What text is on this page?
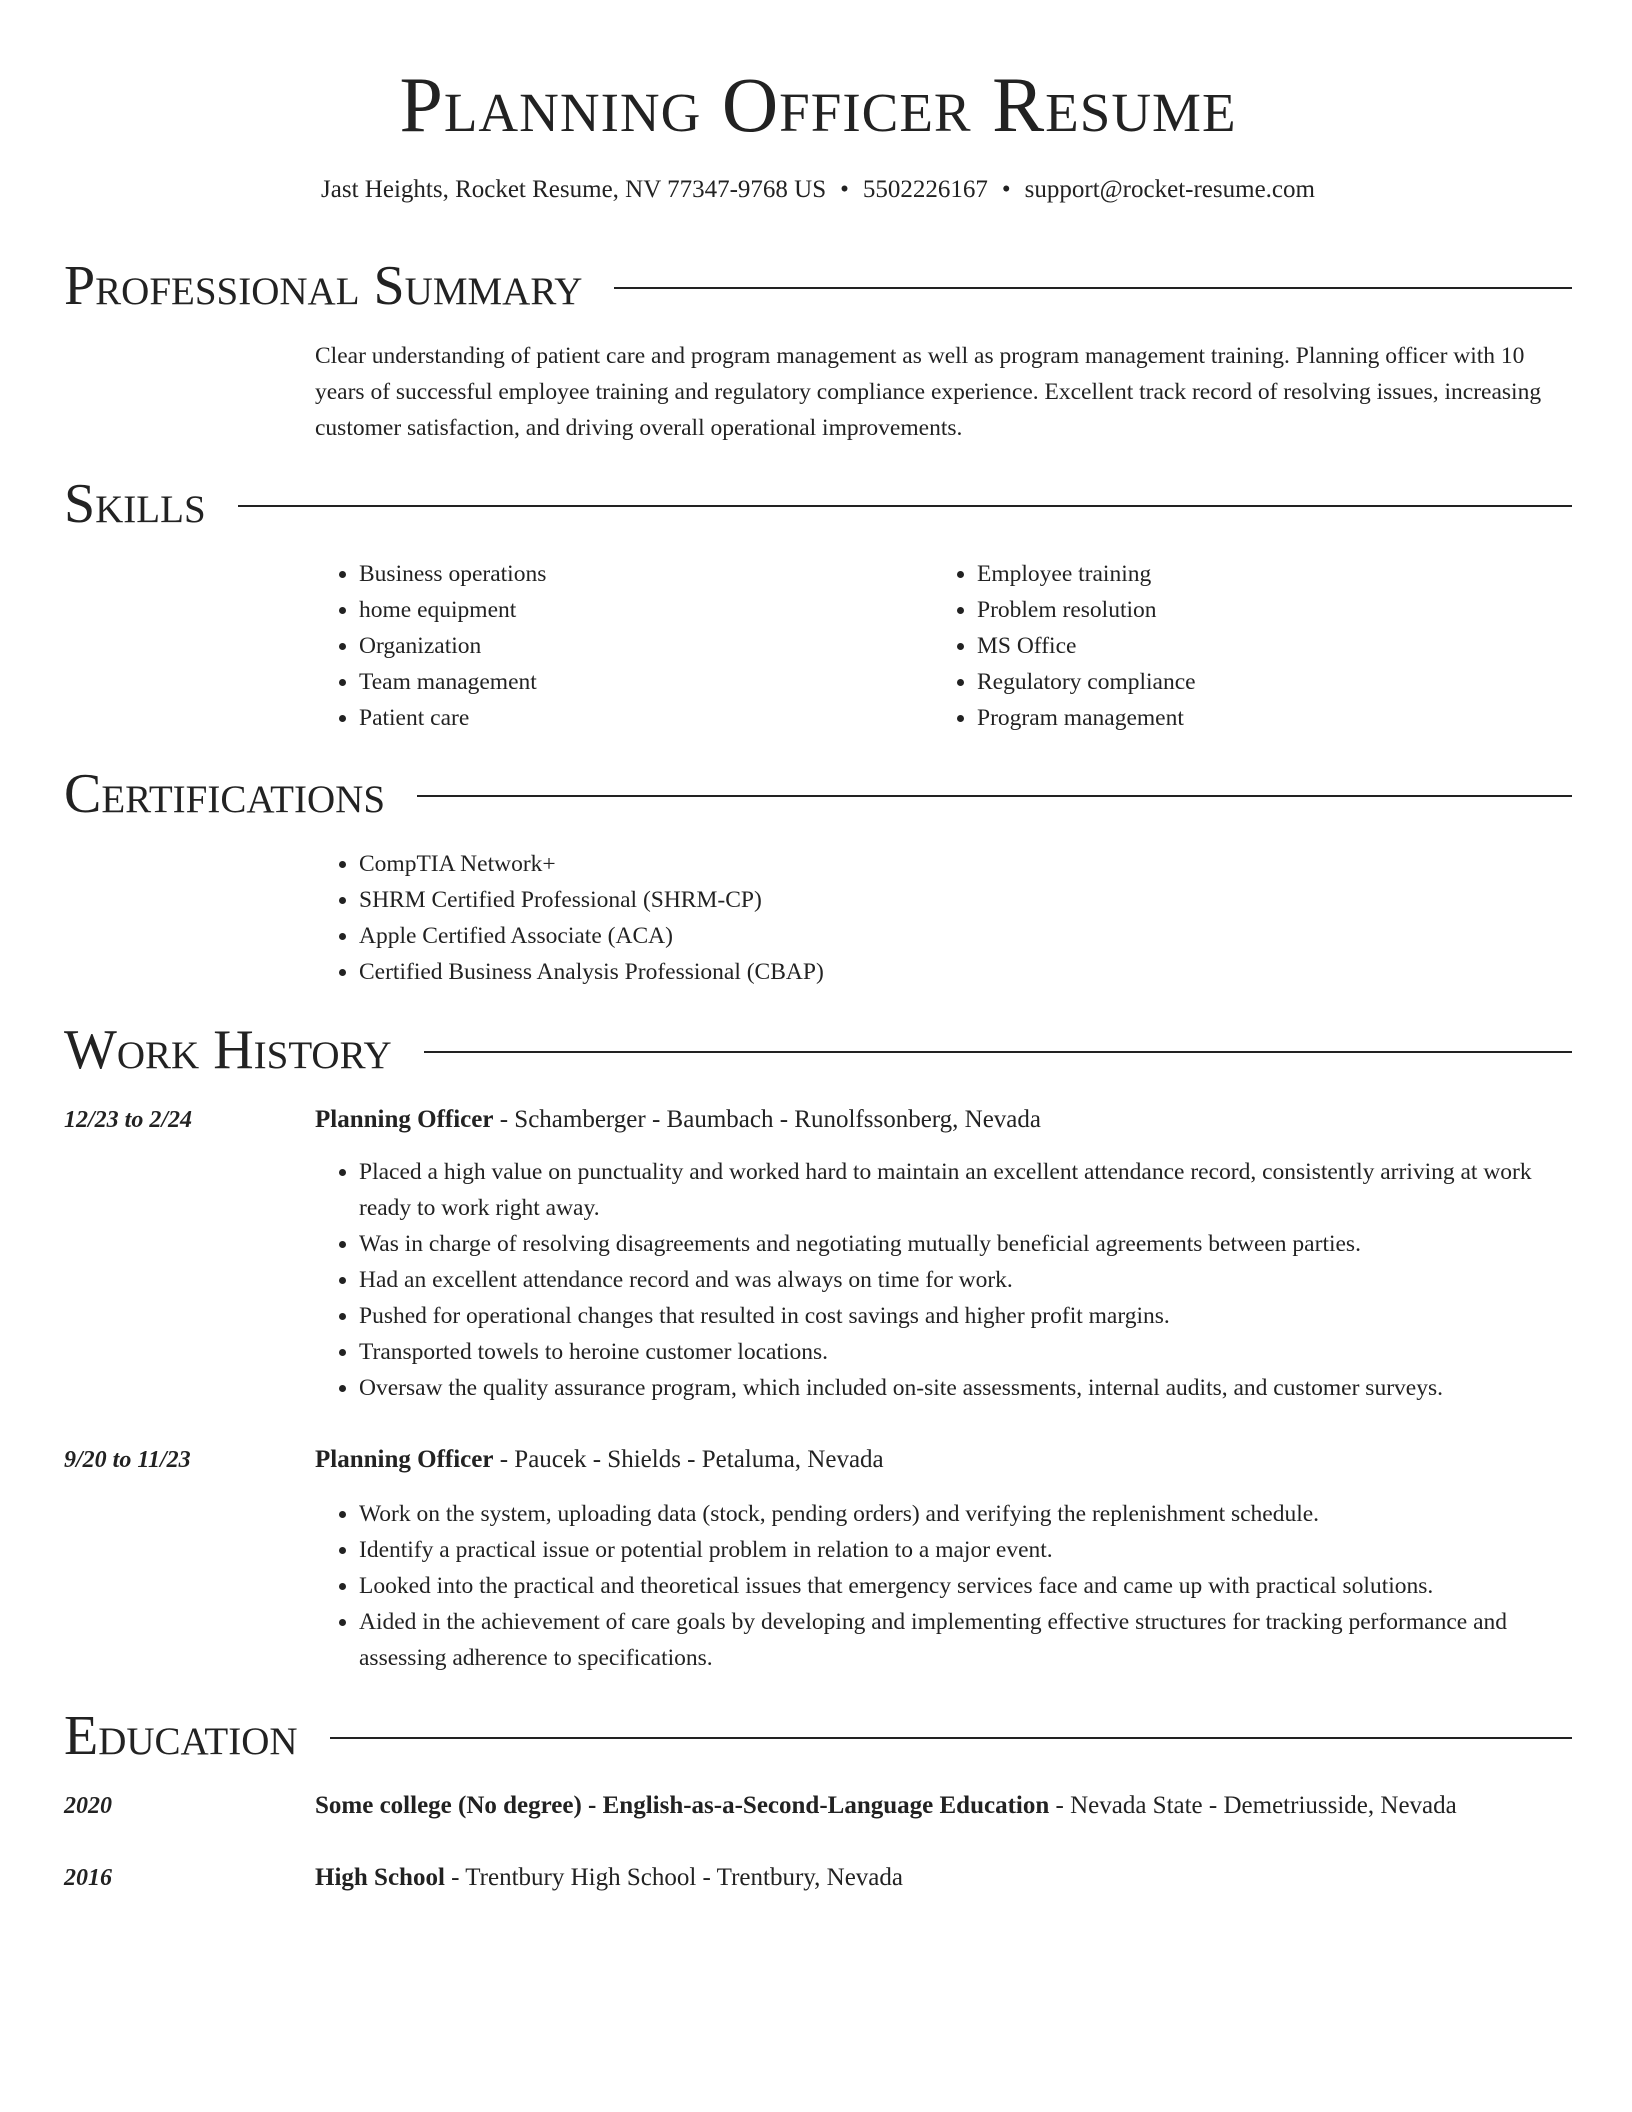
Planning Officer Resume
Jast Heights, Rocket Resume, NV 77347-9768 US • 5502226167 • support@rocket-resume.com
Professional Summary
Clear understanding of patient care and program management as well as program management training. Planning officer with 10 years of successful employee training and regulatory compliance experience. Excellent track record of resolving issues, increasing customer satisfaction, and driving overall operational improvements.
Skills
• Business operations
• home equipment
• Organization
• Team management
• Patient care
• Employee training
• Problem resolution
• MS Office
• Regulatory compliance
• Program management
Certifications
• CompTIA Network+
• SHRM Certified Professional (SHRM-CP)
• Apple Certified Associate (ACA)
• Certified Business Analysis Professional (CBAP)
Work History
12/23 to 2/24	Planning Officer - Schamberger - Baumbach - Runolfssonberg, Nevada
• Placed a high value on punctuality and worked hard to maintain an excellent attendance record, consistently arriving at work ready to work right away.
• Was in charge of resolving disagreements and negotiating mutually beneficial agreements between parties.
• Had an excellent attendance record and was always on time for work.
• Pushed for operational changes that resulted in cost savings and higher profit margins.
• Transported towels to heroine customer locations.
• Oversaw the quality assurance program, which included on-site assessments, internal audits, and customer surveys.
9/20 to 11/23	Planning Officer - Paucek - Shields - Petaluma, Nevada
• Work on the system, uploading data (stock, pending orders) and verifying the replenishment schedule.
• Identify a practical issue or potential problem in relation to a major event.
• Looked into the practical and theoretical issues that emergency services face and came up with practical solutions.
• Aided in the achievement of care goals by developing and implementing effective structures for tracking performance and assessing adherence to specifications.
Education
2020	Some college (No degree) - English-as-a-Second-Language Education - Nevada State - Demetriusside, Nevada
2016	High School - Trentbury High School - Trentbury, Nevada
